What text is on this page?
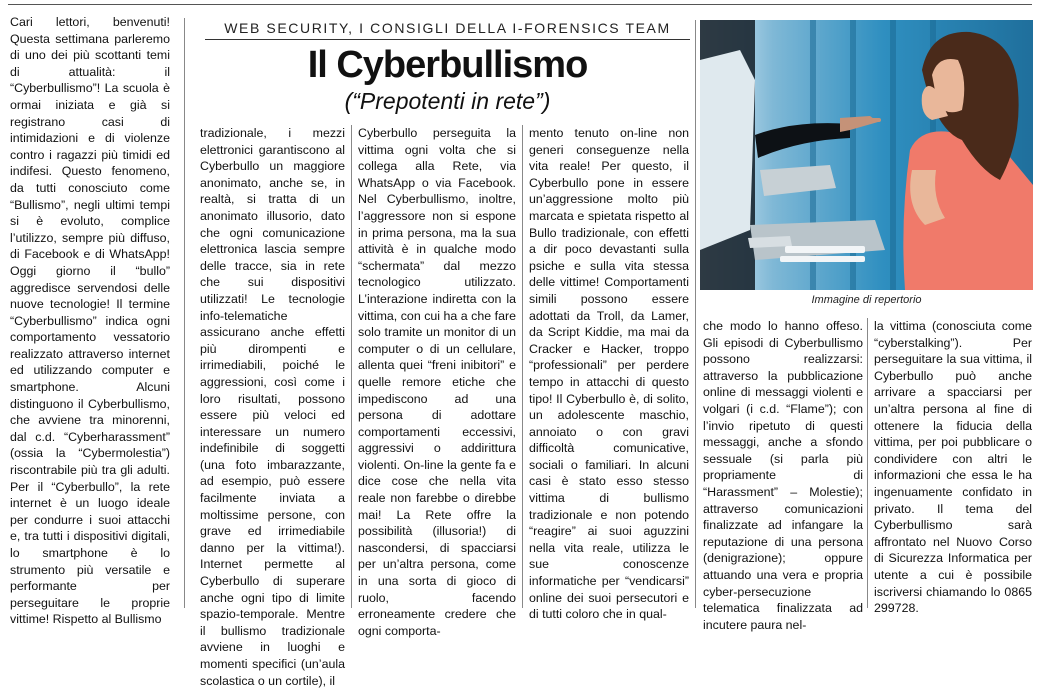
WEB SECURITY, I CONSIGLI DELLA I-FORENSICS TEAM
Il Cyberbullismo
(“Prepotenti in rete”)
Cari lettori, benvenuti! Questa settimana parleremo di uno dei più scottanti temi di attualità: il “Cyberbullismo”! La scuola è ormai iniziata e già si registrano casi di intimidazioni e di violenze contro i ragazzi più timidi ed indifesi. Questo fenomeno, da tutti conosciuto come “Bullismo”, negli ultimi tempi si è evoluto, complice l’utilizzo, sempre più diffuso, di Facebook e di WhatsApp! Oggi giorno il “bullo” aggredisce servendosi delle nuove tecnologie! Il termine “Cyberbullismo” indica ogni comportamento vessatorio realizzato attraverso internet ed utilizzando computer e smartphone. Alcuni distinguono il Cyberbullismo, che avviene tra minorenni, dal c.d. “Cyberharassment” (ossia la “Cybermolestia”) riscontrabile più tra gli adulti. Per il “Cyberbullo”, la rete internet è un luogo ideale per condurre i suoi attacchi e, tra tutti i dispositivi digitali, lo smartphone è lo strumento più versatile e performante per perseguitare le proprie vittime! Rispetto al Bullismo
tradizionale, i mezzi elettronici garantiscono al Cyberbullo un maggiore anonimato, anche se, in realtà, si tratta di un anonimato illusorio, dato che ogni comunicazione elettronica lascia sempre delle tracce, sia in rete che sui dispositivi utilizzati! Le tecnologie info-telematiche assicurano anche effetti più dirompenti e irrimediabili, poiché le aggressioni, così come i loro risultati, possono essere più veloci ed interessare un numero indefinibile di soggetti (una foto imbarazzante, ad esempio, può essere facilmente inviata a moltissime persone, con grave ed irrimediabile danno per la vittima!). Internet permette al Cyberbullo di superare anche ogni tipo di limite spazio-temporale. Mentre il bullismo tradizionale avviene in luoghi e momenti specifici (un’aula scolastica o un cortile), il
Cyberbullo perseguita la vittima ogni volta che si collega alla Rete, via WhatsApp o via Facebook. Nel Cyberbullismo, inoltre, l’aggressore non si espone in prima persona, ma la sua attività è in qualche modo “schermata” dal mezzo tecnologico utilizzato. L’interazione indiretta con la vittima, con cui ha a che fare solo tramite un monitor di un computer o di un cellulare, allenta quei “freni inibitori” e quelle remore etiche che impediscono ad una persona di adottare comportamenti eccessivi, aggressivi o addirittura violenti. On-line la gente fa e dice cose che nella vita reale non farebbe o direbbe mai! La Rete offre la possibilità (illusoria!) di nascondersi, di spacciarsi per un’altra persona, come in una sorta di gioco di ruolo, facendo erroneamente credere che ogni comporta-
mento tenuto on-line non generi conseguenze nella vita reale! Per questo, il Cyberbullo pone in essere un’aggressione molto più marcata e spietata rispetto al Bullo tradizionale, con effetti a dir poco devastanti sulla psiche e sulla vita stessa delle vittime! Comportamenti simili possono essere adottati da Troll, da Lamer, da Script Kiddie, ma mai da Cracker e Hacker, troppo “professionali” per perdere tempo in attacchi di questo tipo! Il Cyberbullo è, di solito, un adolescente maschio, annoiato o con gravi difficoltà comunicative, sociali o familiari. In alcuni casi è stato esso stesso vittima di bullismo tradizionale e non potendo “reagire” ai suoi aguzzini nella vita reale, utilizza le sue conoscenze informatiche per “vendicarsi” online dei suoi persecutori e di tutti coloro che in qual-
Immagine di repertorio
che modo lo hanno offeso. Gli episodi di Cyberbullismo possono realizzarsi: attraverso la pubblicazione online di messaggi violenti e volgari (i c.d. “Flame”); con l’invio ripetuto di questi messaggi, anche a sfondo sessuale (si parla più propriamente di “Harassment” – Molestie); attraverso comunicazioni finalizzate ad infangare la reputazione di una persona (denigrazione); oppure attuando una vera e propria cyber-persecuzione telematica finalizzata ad incutere paura nel-
la vittima (conosciuta come “cyberstalking”). Per perseguitare la sua vittima, il Cyberbullo può anche arrivare a spacciarsi per un’altra persona al fine di ottenere la fiducia della vittima, per poi pubblicare o condividere con altri le informazioni che essa le ha ingenuamente confidato in privato. Il tema del Cyberbullismo sarà affrontato nel Nuovo Corso di Sicurezza Informatica per utente a cui è possibile iscriversi chiamando lo 0865 299728.
